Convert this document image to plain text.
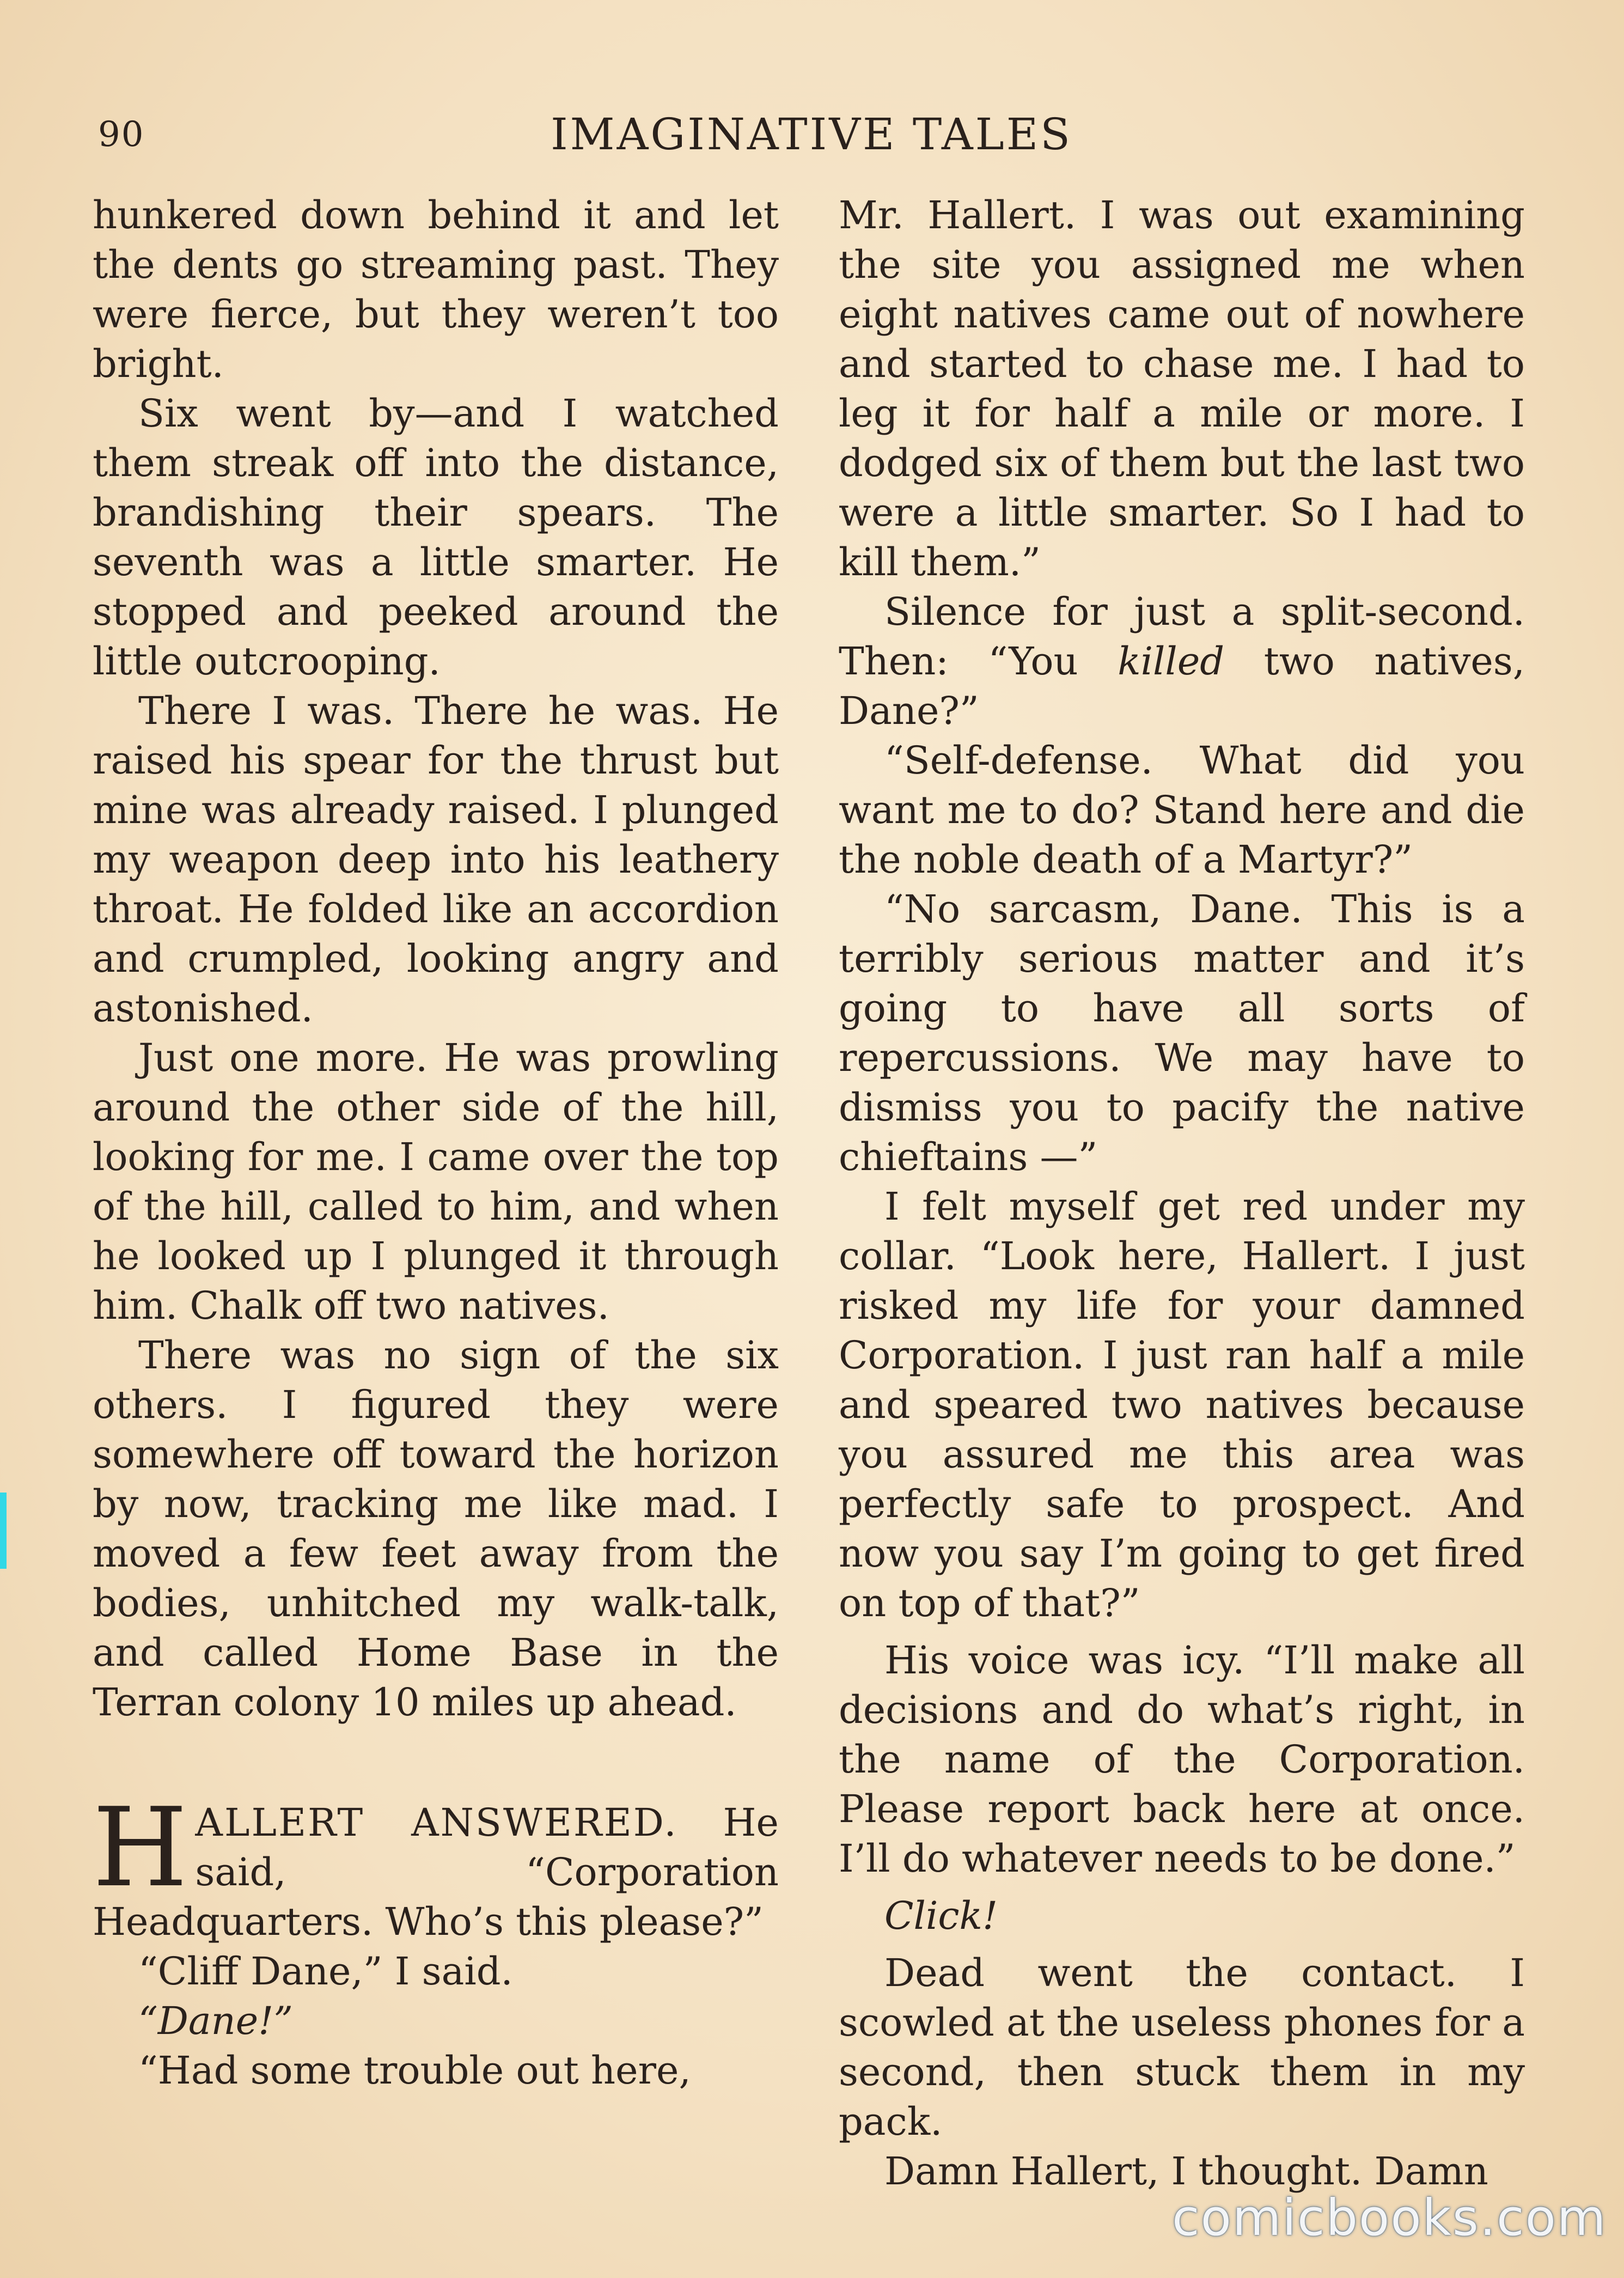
90	IMAGINATIVE TALES

hunkered down behind it and let the dents go streaming past. They were fierce, but they weren’t too bright.

Six went by—and I watched them streak off into the distance, brandishing their spears. The seventh was a little smarter. He stopped and peeked around the little outcrooping.

There I was. There he was. He raised his spear for the thrust but mine was already raised. I plunged my weapon deep into his leathery throat. He folded like an accordion and crumpled, looking angry and astonished.

Just one more. He was prowling around the other side of the hill, looking for me. I came over the top of the hill, called to him, and when he looked up I plunged it through him. Chalk off two natives.

There was no sign of the six others. I figured they were somewhere off toward the horizon by now, tracking me like mad. I moved a few feet away from the bodies, unhitched my walk-talk, and called Home Base in the Terran colony 10 miles up ahead.

HALLERT ANSWERED. He said, “Corporation Headquarters. Who’s this please?”

“Cliff Dane,” I said.

“Dane!”

“Had some trouble out here,

Mr. Hallert. I was out examining the site you assigned me when eight natives came out of nowhere and started to chase me. I had to leg it for half a mile or more. I dodged six of them but the last two were a little smarter. So I had to kill them.”

Silence for just a split-second. Then: “You killed two natives, Dane?”

“Self-defense. What did you want me to do? Stand here and die the noble death of a Martyr?”

“No sarcasm, Dane. This is a terribly serious matter and it’s going to have all sorts of repercussions. We may have to dismiss you to pacify the native chieftains —”

I felt myself get red under my collar. “Look here, Hallert. I just risked my life for your damned Corporation. I just ran half a mile and speared two natives because you assured me this area was perfectly safe to prospect. And now you say I’m going to get fired on top of that?”

His voice was icy. “I’ll make all decisions and do what’s right, in the name of the Corporation. Please report back here at once. I’ll do whatever needs to be done.”

Click!

Dead went the contact. I scowled at the useless phones for a second, then stuck them in my pack.

Damn Hallert, I thought. Damn

comicbooks.com
